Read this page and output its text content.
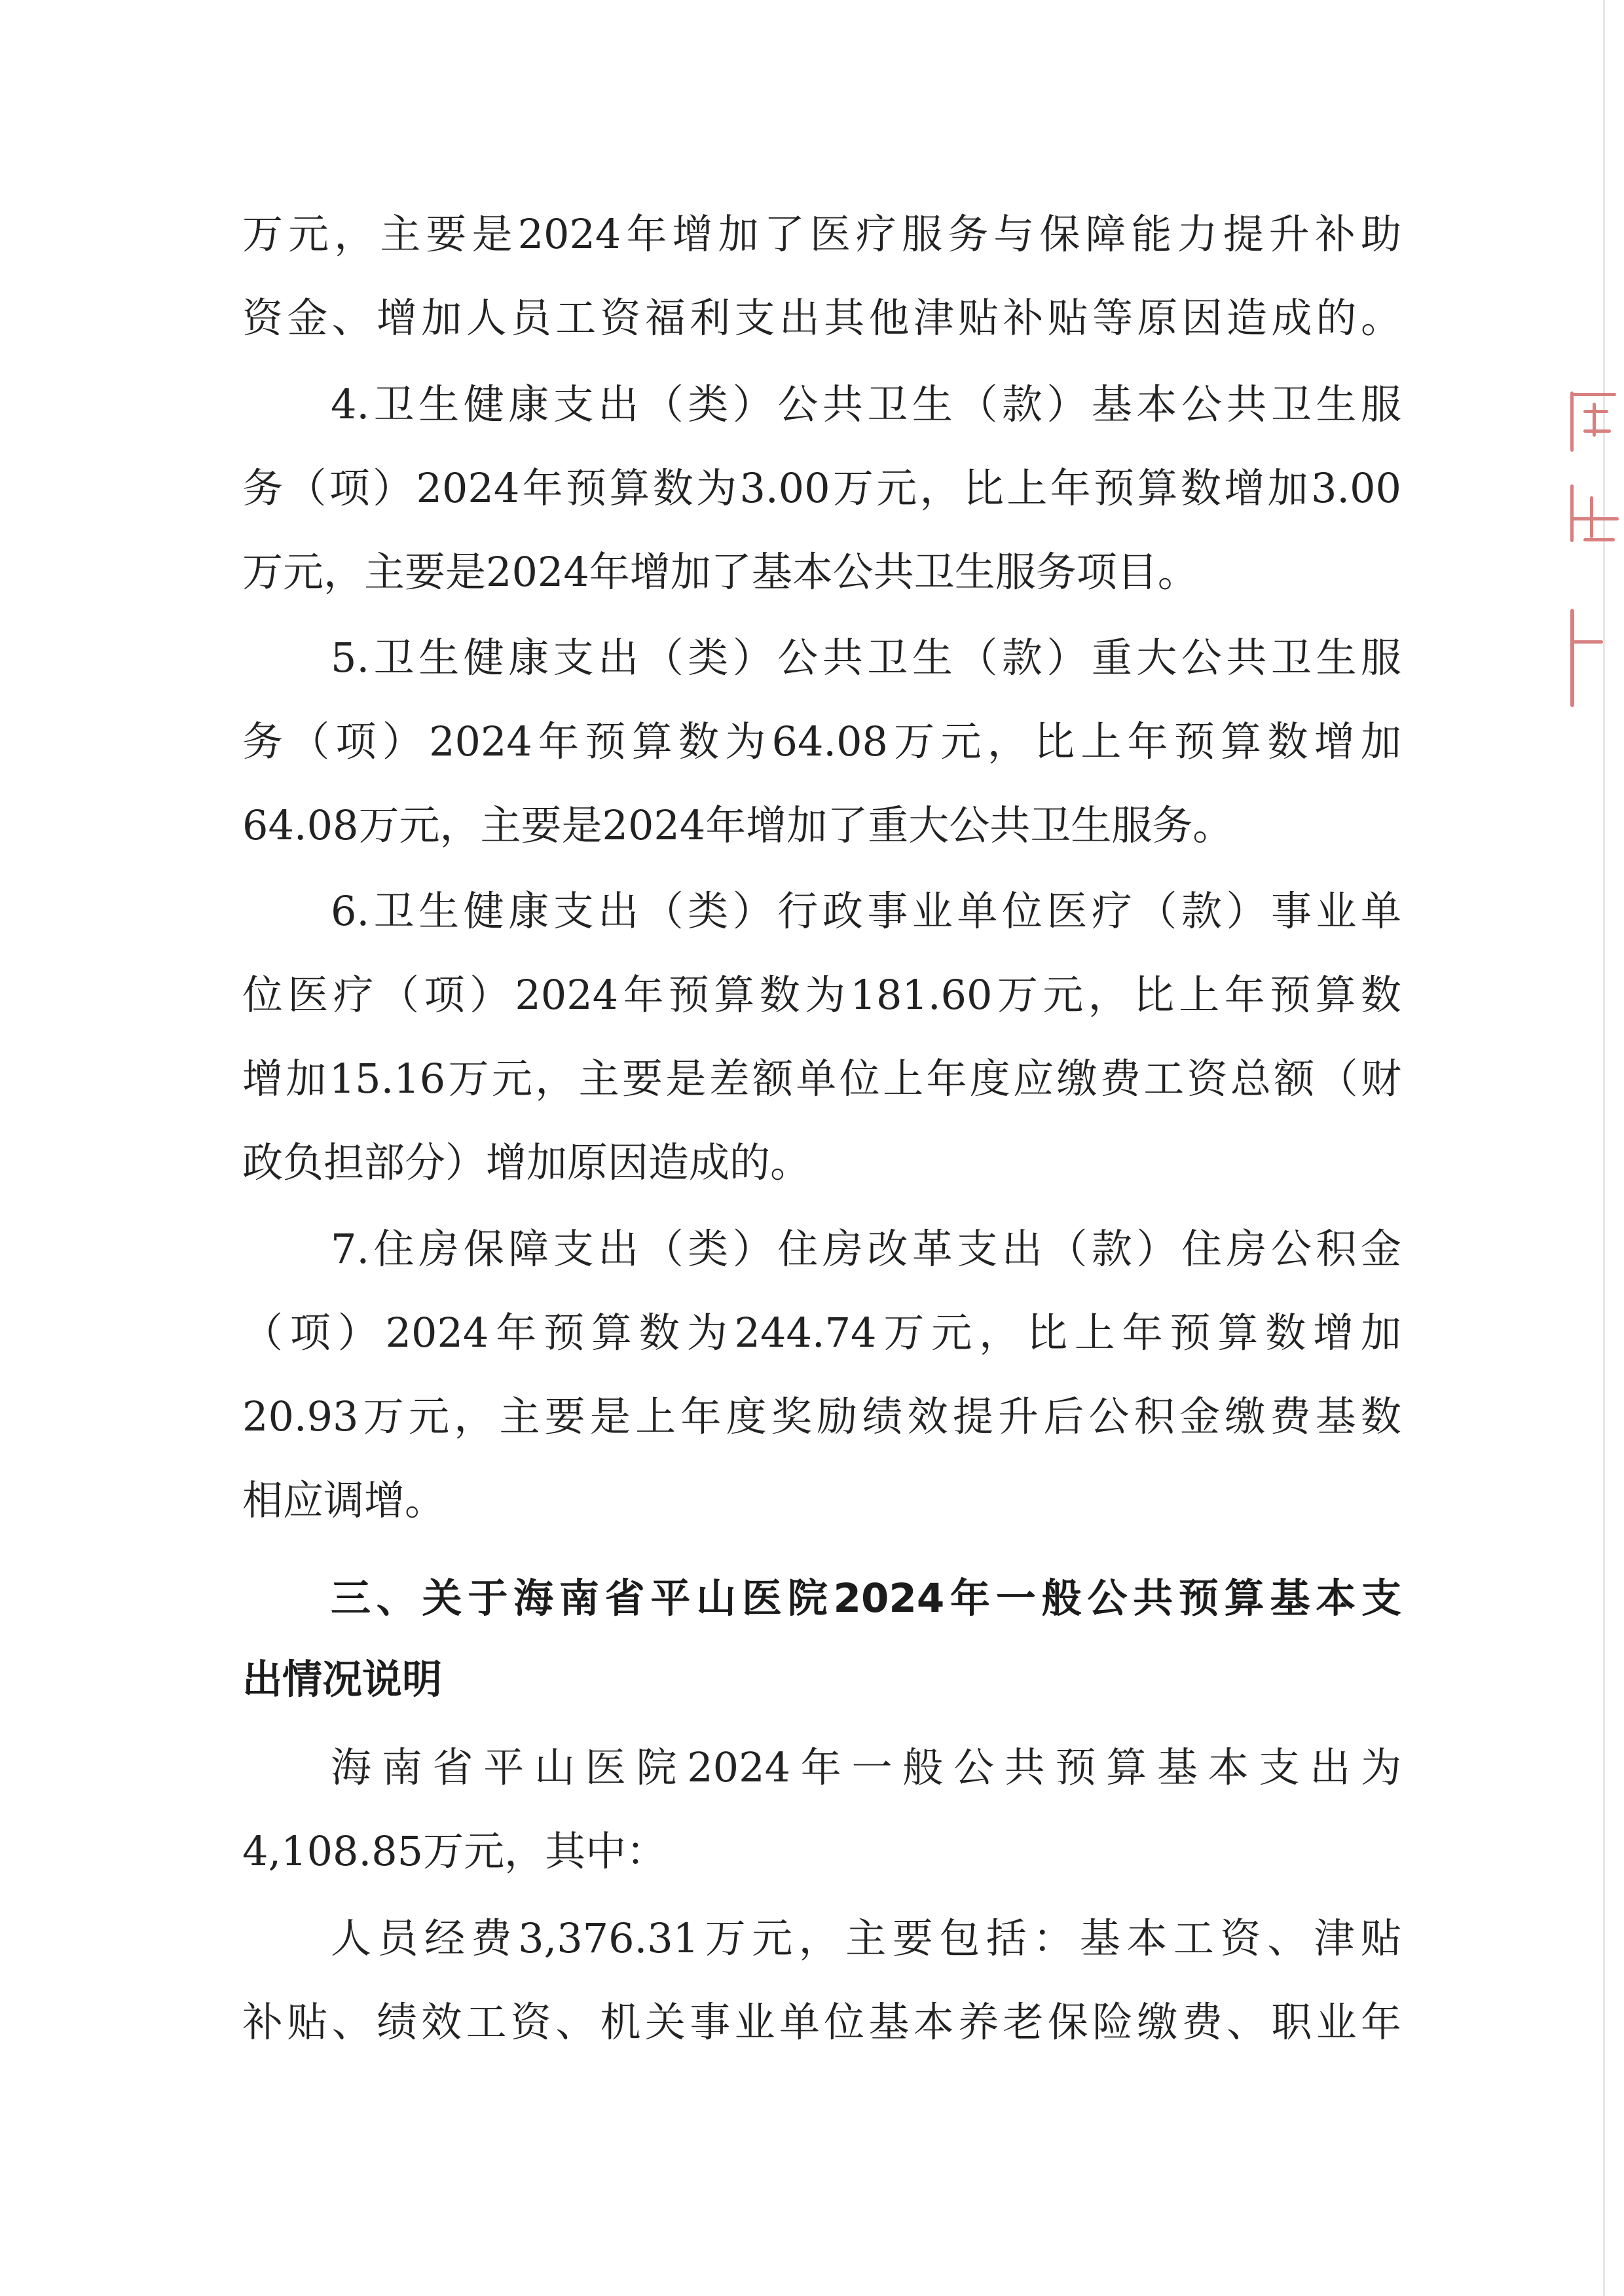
万元，主要是2024年增加了医疗服务与保障能力提升补助
资金、增加人员工资福利支出其他津贴补贴等原因造成的。
4.卫生健康支出（类）公共卫生（款）基本公共卫生服
务（项）2024年预算数为3.00万元，比上年预算数增加3.00
万元，主要是2024年增加了基本公共卫生服务项目。
5.卫生健康支出（类）公共卫生（款）重大公共卫生服
务（项）2024年预算数为64.08万元，比上年预算数增加
64.08万元，主要是2024年增加了重大公共卫生服务。
6.卫生健康支出（类）行政事业单位医疗（款）事业单
位医疗（项）2024年预算数为181.60万元，比上年预算数
增加15.16万元，主要是差额单位上年度应缴费工资总额（财
政负担部分）增加原因造成的。
7.住房保障支出（类）住房改革支出（款）住房公积金
（项）2024年预算数为244.74万元，比上年预算数增加
20.93万元，主要是上年度奖励绩效提升后公积金缴费基数
相应调增。
三、关于海南省平山医院2024年一般公共预算基本支
出情况说明
海南省平山医院2024年一般公共预算基本支出为
4,108.85万元，其中：
人员经费3,376.31万元，主要包括：基本工资、津贴
补贴、绩效工资、机关事业单位基本养老保险缴费、职业年
